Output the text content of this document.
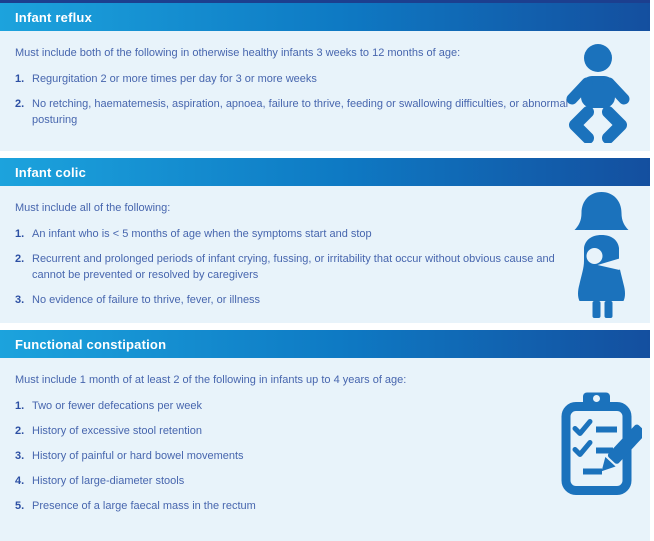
Infant reflux

Must include both of the following in otherwise healthy infants 3 weeks to 12 months of age:

1. Regurgitation 2 or more times per day for 3 or more weeks
2. No retching, haematemesis, aspiration, apnoea, failure to thrive, feeding or swallowing difficulties, or abnormal posturing
Infant colic

Must include all of the following:

1. An infant who is < 5 months of age when the symptoms start and stop
2. Recurrent and prolonged periods of infant crying, fussing, or irritability that occur without obvious cause and cannot be prevented or resolved by caregivers
3. No evidence of failure to thrive, fever, or illness
Functional constipation

Must include 1 month of at least 2 of the following in infants up to 4 years of age:

1. Two or fewer defecations per week
2. History of excessive stool retention
3. History of painful or hard bowel movements
4. History of large-diameter stools
5. Presence of a large faecal mass in the rectum
